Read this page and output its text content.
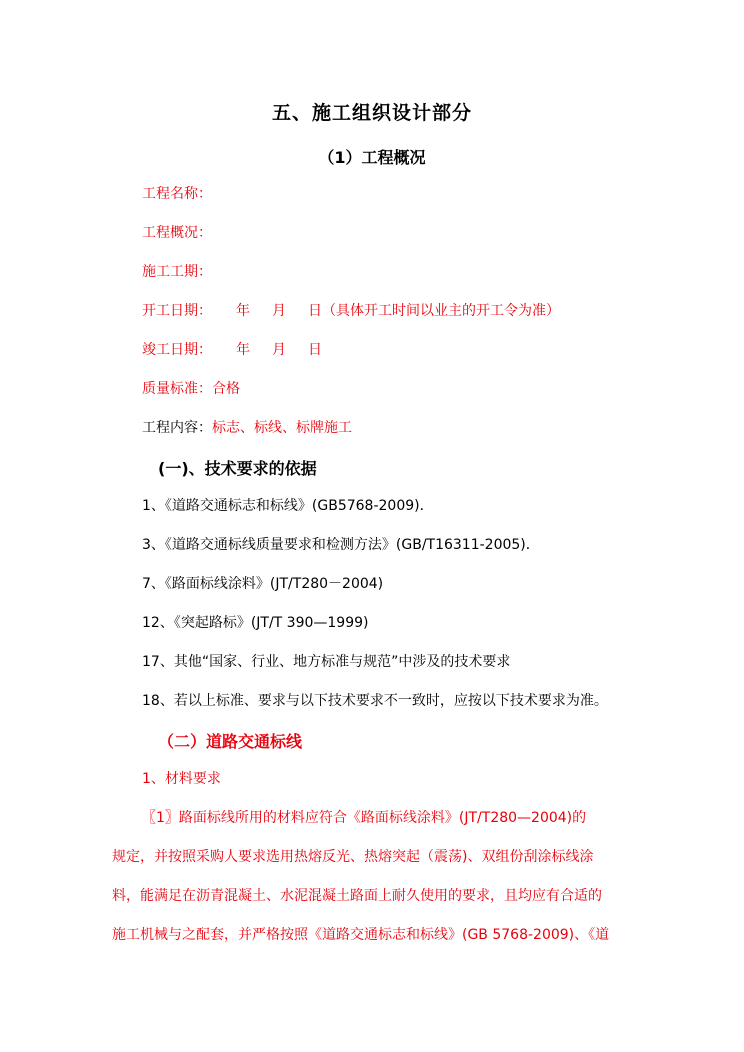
五、施工组织设计部分
（1）工程概况
工程名称：
工程概况：
施工工期：
开工日期： 年 月 日（具体开工时间以业主的开工令为准）
竣工日期： 年 月 日
质量标准：合格
工程内容：标志、标线、标牌施工
(一)、技术要求的依据
1、《道路交通标志和标线》(GB5768-2009)．
3、《道路交通标线质量要求和检测方法》(GB/T16311-2005)．
7、《路面标线涂料》(JT/T280－2004)
12、《突起路标》(JT/T 390—1999)
17、其他“国家、行业、地方标准与规范”中涉及的技术要求
18、若以上标准、要求与以下技术要求不一致时，应按以下技术要求为准。
（二）道路交通标线
1、材料要求
〖1〗路面标线所用的材料应符合《路面标线涂料》(JT/T280—2004)的
规定，并按照采购人要求选用热熔反光、热熔突起（震荡)、双组份刮涂标线涂
料，能满足在沥青混凝土、水泥混凝土路面上耐久使用的要求，且均应有合适的
施工机械与之配套，并严格按照《道路交通标志和标线》(GB 5768-2009)、《道
